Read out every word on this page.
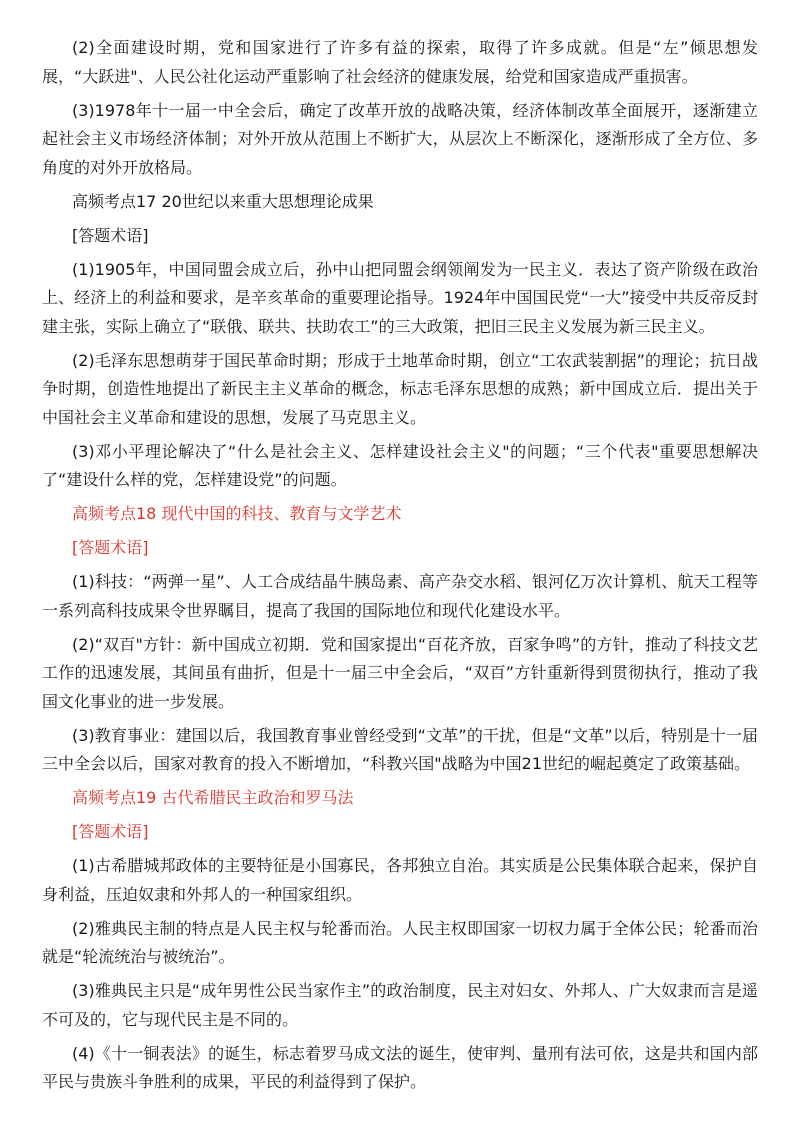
(2)全面建设时期，党和国家进行了许多有益的探索，取得了许多成就。但是“左”倾思想发展，“大跃进"、人民公社化运动严重影响了社会经济的健康发展，给党和国家造成严重损害。

(3)1978年十一届一中全会后，确定了改革开放的战略决策，经济体制改革全面展开，逐渐建立起社会主义市场经济体制；对外开放从范围上不断扩大，从层次上不断深化，逐渐形成了全方位、多角度的对外开放格局。

高频考点17 20世纪以来重大思想理论成果

[答题术语]

(1)1905年，中国同盟会成立后，孙中山把同盟会纲领阐发为一民主义．表达了资产阶级在政治上、经济上的利益和要求，是辛亥革命的重要理论指导。1924年中国国民党“一大”接受中共反帝反封建主张，实际上确立了“联俄、联共、扶助农工”的三大政策，把旧三民主义发展为新三民主义。

(2)毛泽东思想萌芽于国民革命时期；形成于土地革命时期，创立“工农武装割据”的理论；抗日战争时期，创造性地提出了新民主主义革命的概念，标志毛泽东思想的成熟；新中国成立后．提出关于中国社会主义革命和建设的思想，发展了马克思主义。

(3)邓小平理论解决了“什么是社会主义、怎样建设社会主义"的问题；“三个代表"重要思想解决了“建设什么样的党，怎样建设党”的问题。

高频考点18 现代中国的科技、教育与文学艺术

[答题术语]

(1)科技：“两弹一星”、人工合成结晶牛胰岛素、高产杂交水稻、银河亿万次计算机、航天工程等一系列高科技成果令世界瞩目，提高了我国的国际地位和现代化建设水平。

(2)“双百"方针：新中国成立初期．党和国家提出“百花齐放，百家争鸣”的方针，推动了科技文艺工作的迅速发展，其间虽有曲折，但是十一届三中全会后，“双百”方针重新得到贯彻执行，推动了我国文化事业的进一步发展。

(3)教育事业：建国以后，我国教育事业曾经受到“文革”的干扰，但是“文革”以后，特别是十一届三中全会以后，国家对教育的投入不断增加，“科教兴国"战略为中国21世纪的崛起奠定了政策基础。

高频考点19 古代希腊民主政治和罗马法

[答题术语]

(1)古希腊城邦政体的主要特征是小国寡民，各邦独立自治。其实质是公民集体联合起来，保护自身利益，压迫奴隶和外邦人的一种国家组织。

(2)雅典民主制的特点是人民主权与轮番而治。人民主权即国家一切权力属于全体公民；轮番而治就是“轮流统治与被统治”。

(3)雅典民主只是“成年男性公民当家作主”的政治制度，民主对妇女、外邦人、广大奴隶而言是遥不可及的，它与现代民主是不同的。

(4)《十一铜表法》的诞生，标志着罗马成文法的诞生，使审判、量刑有法可依，这是共和国内部平民与贵族斗争胜利的成果，平民的利益得到了保护。
